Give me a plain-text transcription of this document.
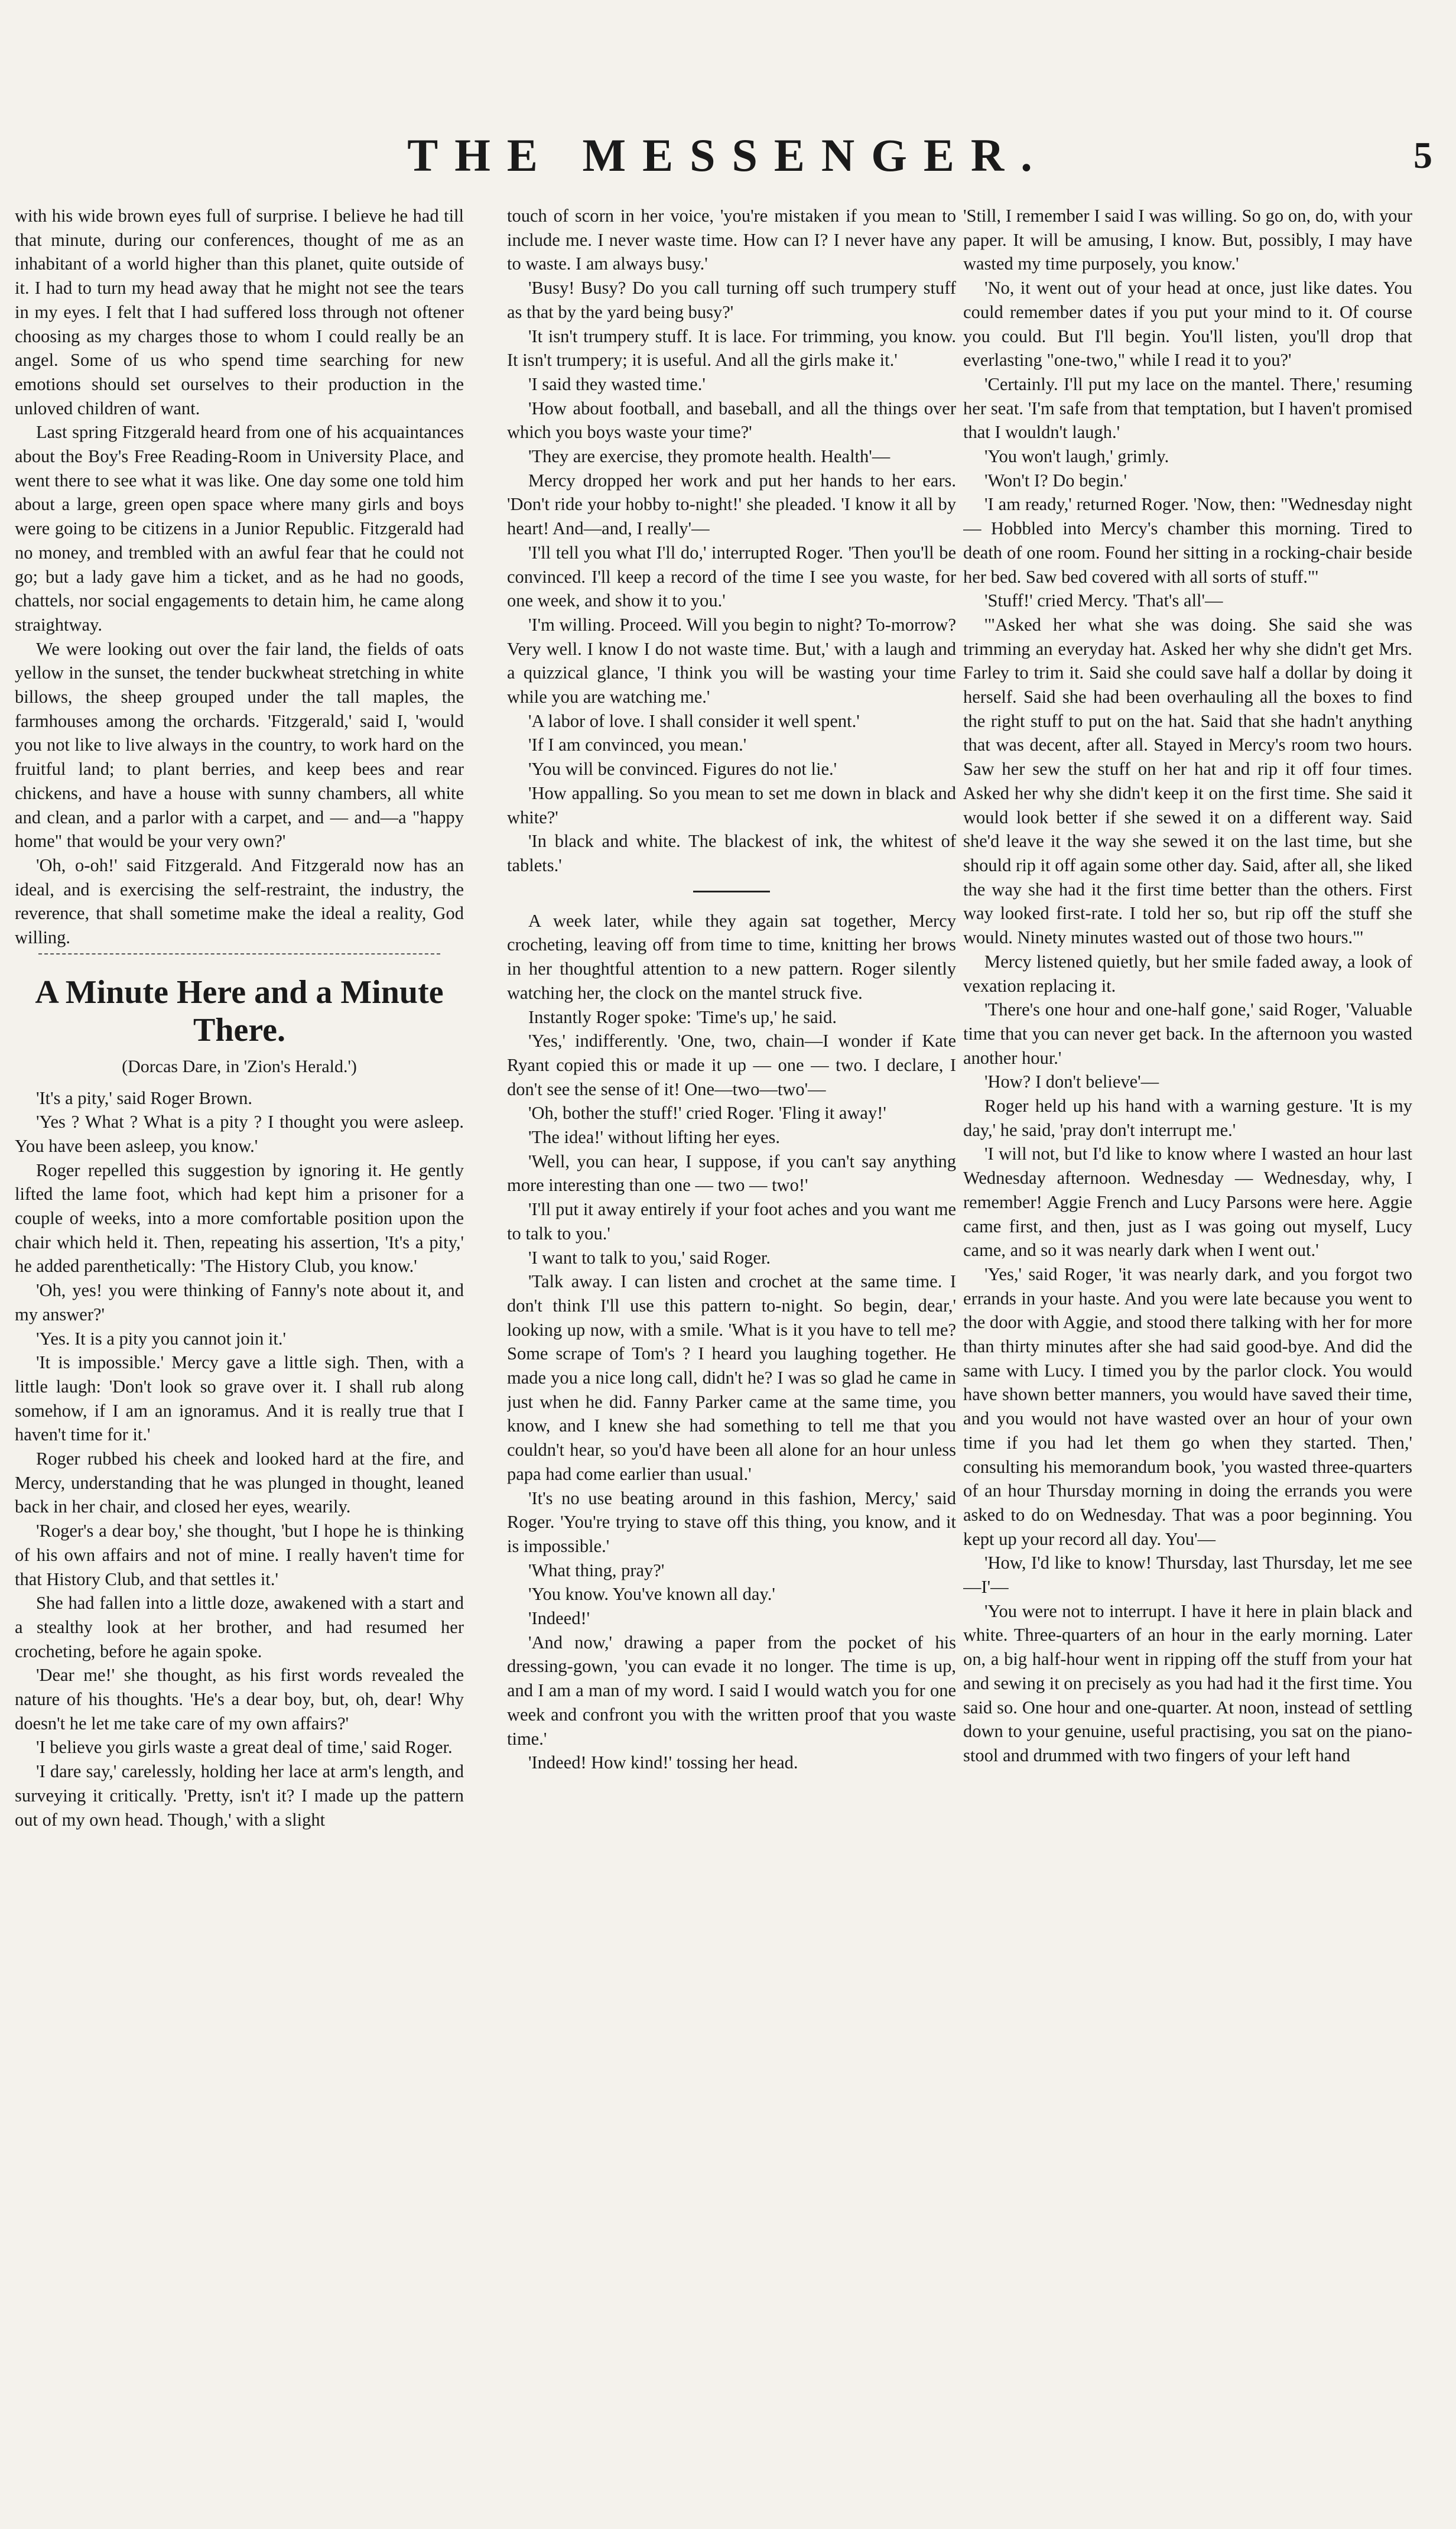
THE MESSENGER.	5

with his wide brown eyes full of surprise. I believe he had till that minute, during our conferences, thought of me as an inhabitant of a world higher than this planet, quite outside of it. I had to turn my head away that he might not see the tears in my eyes. I felt that I had suffered loss through not oftener choosing as my charges those to whom I could really be an angel. Some of us who spend time searching for new emotions should set ourselves to their production in the unloved children of want.

Last spring Fitzgerald heard from one of his acquaintances about the Boy's Free Reading-Room in University Place, and went there to see what it was like. One day some one told him about a large, green open space where many girls and boys were going to be citizens in a Junior Republic. Fitzgerald had no money, and trembled with an awful fear that he could not go; but a lady gave him a ticket, and as he had no goods, chattels, nor social engagements to detain him, he came along straightway.

We were looking out over the fair land, the fields of oats yellow in the sunset, the tender buckwheat stretching in white billows, the sheep grouped under the tall maples, the farmhouses among the orchards. 'Fitzgerald,' said I, 'would you not like to live always in the country, to work hard on the fruitful land; to plant berries, and keep bees and rear chickens, and have a house with sunny chambers, all white and clean, and a parlor with a carpet, and — and—a "happy home" that would be your very own?'

'Oh, o-oh!' said Fitzgerald. And Fitzgerald now has an ideal, and is exercising the self-restraint, the industry, the reverence, that shall sometime make the ideal a reality, God willing.

A Minute Here and a Minute There.
(Dorcas Dare, in 'Zion's Herald.')

'It's a pity,' said Roger Brown.

'Yes ? What ? What is a pity ? I thought you were asleep. You have been asleep, you know.'

Roger repelled this suggestion by ignoring it. He gently lifted the lame foot, which had kept him a prisoner for a couple of weeks, into a more comfortable position upon the chair which held it. Then, repeating his assertion, 'It's a pity,' he added parenthetically: 'The History Club, you know.'

'Oh, yes! you were thinking of Fanny's note about it, and my answer?'

'Yes. It is a pity you cannot join it.'

'It is impossible.' Mercy gave a little sigh. Then, with a little laugh: 'Don't look so grave over it. I shall rub along somehow, if I am an ignoramus. And it is really true that I haven't time for it.'

Roger rubbed his cheek and looked hard at the fire, and Mercy, understanding that he was plunged in thought, leaned back in her chair, and closed her eyes, wearily.

'Roger's a dear boy,' she thought, 'but I hope he is thinking of his own affairs and not of mine. I really haven't time for that History Club, and that settles it.'

She had fallen into a little doze, awakened with a start and a stealthy look at her brother, and had resumed her crocheting, before he again spoke.

'Dear me!' she thought, as his first words revealed the nature of his thoughts. 'He's a dear boy, but, oh, dear! Why doesn't he let me take care of my own affairs?'

'I believe you girls waste a great deal of time,' said Roger.

'I dare say,' carelessly, holding her lace at arm's length, and surveying it critically. 'Pretty, isn't it? I made up the pattern out of my own head. Though,' with a slight

touch of scorn in her voice, 'you're mistaken if you mean to include me. I never waste time. How can I? I never have any to waste. I am always busy.'

'Busy! Busy? Do you call turning off such trumpery stuff as that by the yard being busy?'

'It isn't trumpery stuff. It is lace. For trimming, you know. It isn't trumpery; it is useful. And all the girls make it.'

'I said they wasted time.'

'How about football, and baseball, and all the things over which you boys waste your time?'

'They are exercise, they promote health. Health'—

Mercy dropped her work and put her hands to her ears. 'Don't ride your hobby to-night!' she pleaded. 'I know it all by heart! And—and, I really'—

'I'll tell you what I'll do,' interrupted Roger. 'Then you'll be convinced. I'll keep a record of the time I see you waste, for one week, and show it to you.'

'I'm willing. Proceed. Will you begin to night? To-morrow? Very well. I know I do not waste time. But,' with a laugh and a quizzical glance, 'I think you will be wasting your time while you are watching me.'

'A labor of love. I shall consider it well spent.'

'If I am convinced, you mean.'

'You will be convinced. Figures do not lie.'

'How appalling. So you mean to set me down in black and white?'

'In black and white. The blackest of ink, the whitest of tablets.'

A week later, while they again sat together, Mercy crocheting, leaving off from time to time, knitting her brows in her thoughtful attention to a new pattern. Roger silently watching her, the clock on the mantel struck five.

Instantly Roger spoke: 'Time's up,' he said.

'Yes,' indifferently. 'One, two, chain—I wonder if Kate Ryant copied this or made it up — one — two. I declare, I don't see the sense of it! One—two—two'—

'Oh, bother the stuff!' cried Roger. 'Fling it away!'

'The idea!' without lifting her eyes.

'Well, you can hear, I suppose, if you can't say anything more interesting than one — two — two!'

'I'll put it away entirely if your foot aches and you want me to talk to you.'

'I want to talk to you,' said Roger.

'Talk away. I can listen and crochet at the same time. I don't think I'll use this pattern to-night. So begin, dear,' looking up now, with a smile. 'What is it you have to tell me? Some scrape of Tom's ? I heard you laughing together. He made you a nice long call, didn't he? I was so glad he came in just when he did. Fanny Parker came at the same time, you know, and I knew she had something to tell me that you couldn't hear, so you'd have been all alone for an hour unless papa had come earlier than usual.'

'It's no use beating around in this fashion, Mercy,' said Roger. 'You're trying to stave off this thing, you know, and it is impossible.'

'What thing, pray?'

'You know. You've known all day.'

'Indeed!'

'And now,' drawing a paper from the pocket of his dressing-gown, 'you can evade it no longer. The time is up, and I am a man of my word. I said I would watch you for one week and confront you with the written proof that you waste time.'

'Indeed! How kind!' tossing her head.

'Still, I remember I said I was willing. So go on, do, with your paper. It will be amusing, I know. But, possibly, I may have wasted my time purposely, you know.'

'No, it went out of your head at once, just like dates. You could remember dates if you put your mind to it. Of course you could. But I'll begin. You'll listen, you'll drop that everlasting "one-two," while I read it to you?'

'Certainly. I'll put my lace on the mantel. There,' resuming her seat. 'I'm safe from that temptation, but I haven't promised that I wouldn't laugh.'

'You won't laugh,' grimly.

'Won't I? Do begin.'

'I am ready,' returned Roger. 'Now, then: "Wednesday night — Hobbled into Mercy's chamber this morning. Tired to death of one room. Found her sitting in a rocking-chair beside her bed. Saw bed covered with all sorts of stuff."'

'Stuff!' cried Mercy. 'That's all'—

'"Asked her what she was doing. She said she was trimming an everyday hat. Asked her why she didn't get Mrs. Farley to trim it. Said she could save half a dollar by doing it herself. Said she had been overhauling all the boxes to find the right stuff to put on the hat. Said that she hadn't anything that was decent, after all. Stayed in Mercy's room two hours. Saw her sew the stuff on her hat and rip it off four times. Asked her why she didn't keep it on the first time. She said it would look better if she sewed it on a different way. Said she'd leave it the way she sewed it on the last time, but she should rip it off again some other day. Said, after all, she liked the way she had it the first time better than the others. First way looked first-rate. I told her so, but rip off the stuff she would. Ninety minutes wasted out of those two hours."'

Mercy listened quietly, but her smile faded away, a look of vexation replacing it.

'There's one hour and one-half gone,' said Roger, 'Valuable time that you can never get back. In the afternoon you wasted another hour.'

'How? I don't believe'—

Roger held up his hand with a warning gesture. 'It is my day,' he said, 'pray don't interrupt me.'

'I will not, but I'd like to know where I wasted an hour last Wednesday afternoon. Wednesday — Wednesday, why, I remember! Aggie French and Lucy Parsons were here. Aggie came first, and then, just as I was going out myself, Lucy came, and so it was nearly dark when I went out.'

'Yes,' said Roger, 'it was nearly dark, and you forgot two errands in your haste. And you were late because you went to the door with Aggie, and stood there talking with her for more than thirty minutes after she had said good-bye. And did the same with Lucy. I timed you by the parlor clock. You would have shown better manners, you would have saved their time, and you would not have wasted over an hour of your own time if you had let them go when they started. Then,' consulting his memorandum book, 'you wasted three-quarters of an hour Thursday morning in doing the errands you were asked to do on Wednesday. That was a poor beginning. You kept up your record all day. You'—

'How, I'd like to know! Thursday, last Thursday, let me see—I'—

'You were not to interrupt. I have it here in plain black and white. Three-quarters of an hour in the early morning. Later on, a big half-hour went in ripping off the stuff from your hat and sewing it on precisely as you had had it the first time. You said so. One hour and one-quarter. At noon, instead of settling down to your genuine, useful practising, you sat on the piano-stool and drummed with two fingers of your left hand
